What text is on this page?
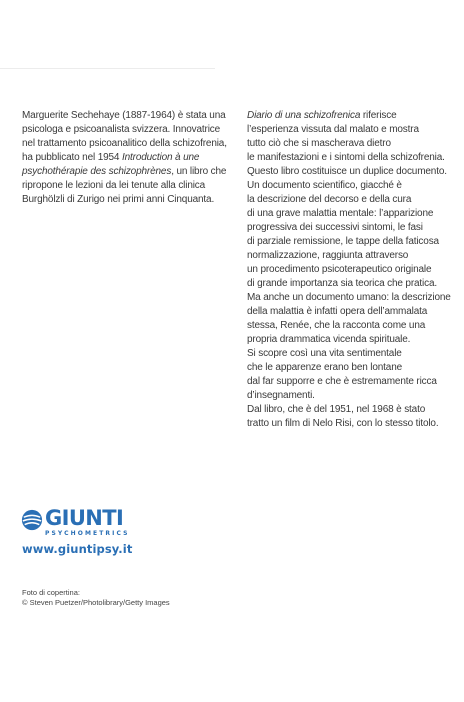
Marguerite Sechehaye (1887-1964) è stata una
psicologa e psicoanalista svizzera. Innovatrice
nel trattamento psicoanalitico della schizofrenia,
ha pubblicato nel 1954 Introduction à une
psychothérapie des schizophrènes, un libro che
ripropone le lezioni da lei tenute alla clinica
Burghölzli di Zurigo nei primi anni Cinquanta.
Diario di una schizofrenica riferisce
l’esperienza vissuta dal malato e mostra
tutto ciò che si mascherava dietro
le manifestazioni e i sintomi della schizofrenia.
Questo libro costituisce un duplice documento.
Un documento scientifico, giacché è
la descrizione del decorso e della cura
di una grave malattia mentale: l’apparizione
progressiva dei successivi sintomi, le fasi
di parziale remissione, le tappe della faticosa
normalizzazione, raggiunta attraverso
un procedimento psicoterapeutico originale
di grande importanza sia teorica che pratica.
Ma anche un documento umano: la descrizione
della malattia è infatti opera dell’ammalata
stessa, Renée, che la racconta come una
propria drammatica vicenda spirituale.
Si scopre così una vita sentimentale
che le apparenze erano ben lontane
dal far supporre e che è estremamente ricca
d’insegnamenti.
Dal libro, che è del 1951, nel 1968 è stato
tratto un film di Nelo Risi, con lo stesso titolo.
GIUNTI
PSYCHOMETRICS
www.giuntipsy.it
Foto di copertina:
© Steven Puetzer/Photolibrary/Getty Images
